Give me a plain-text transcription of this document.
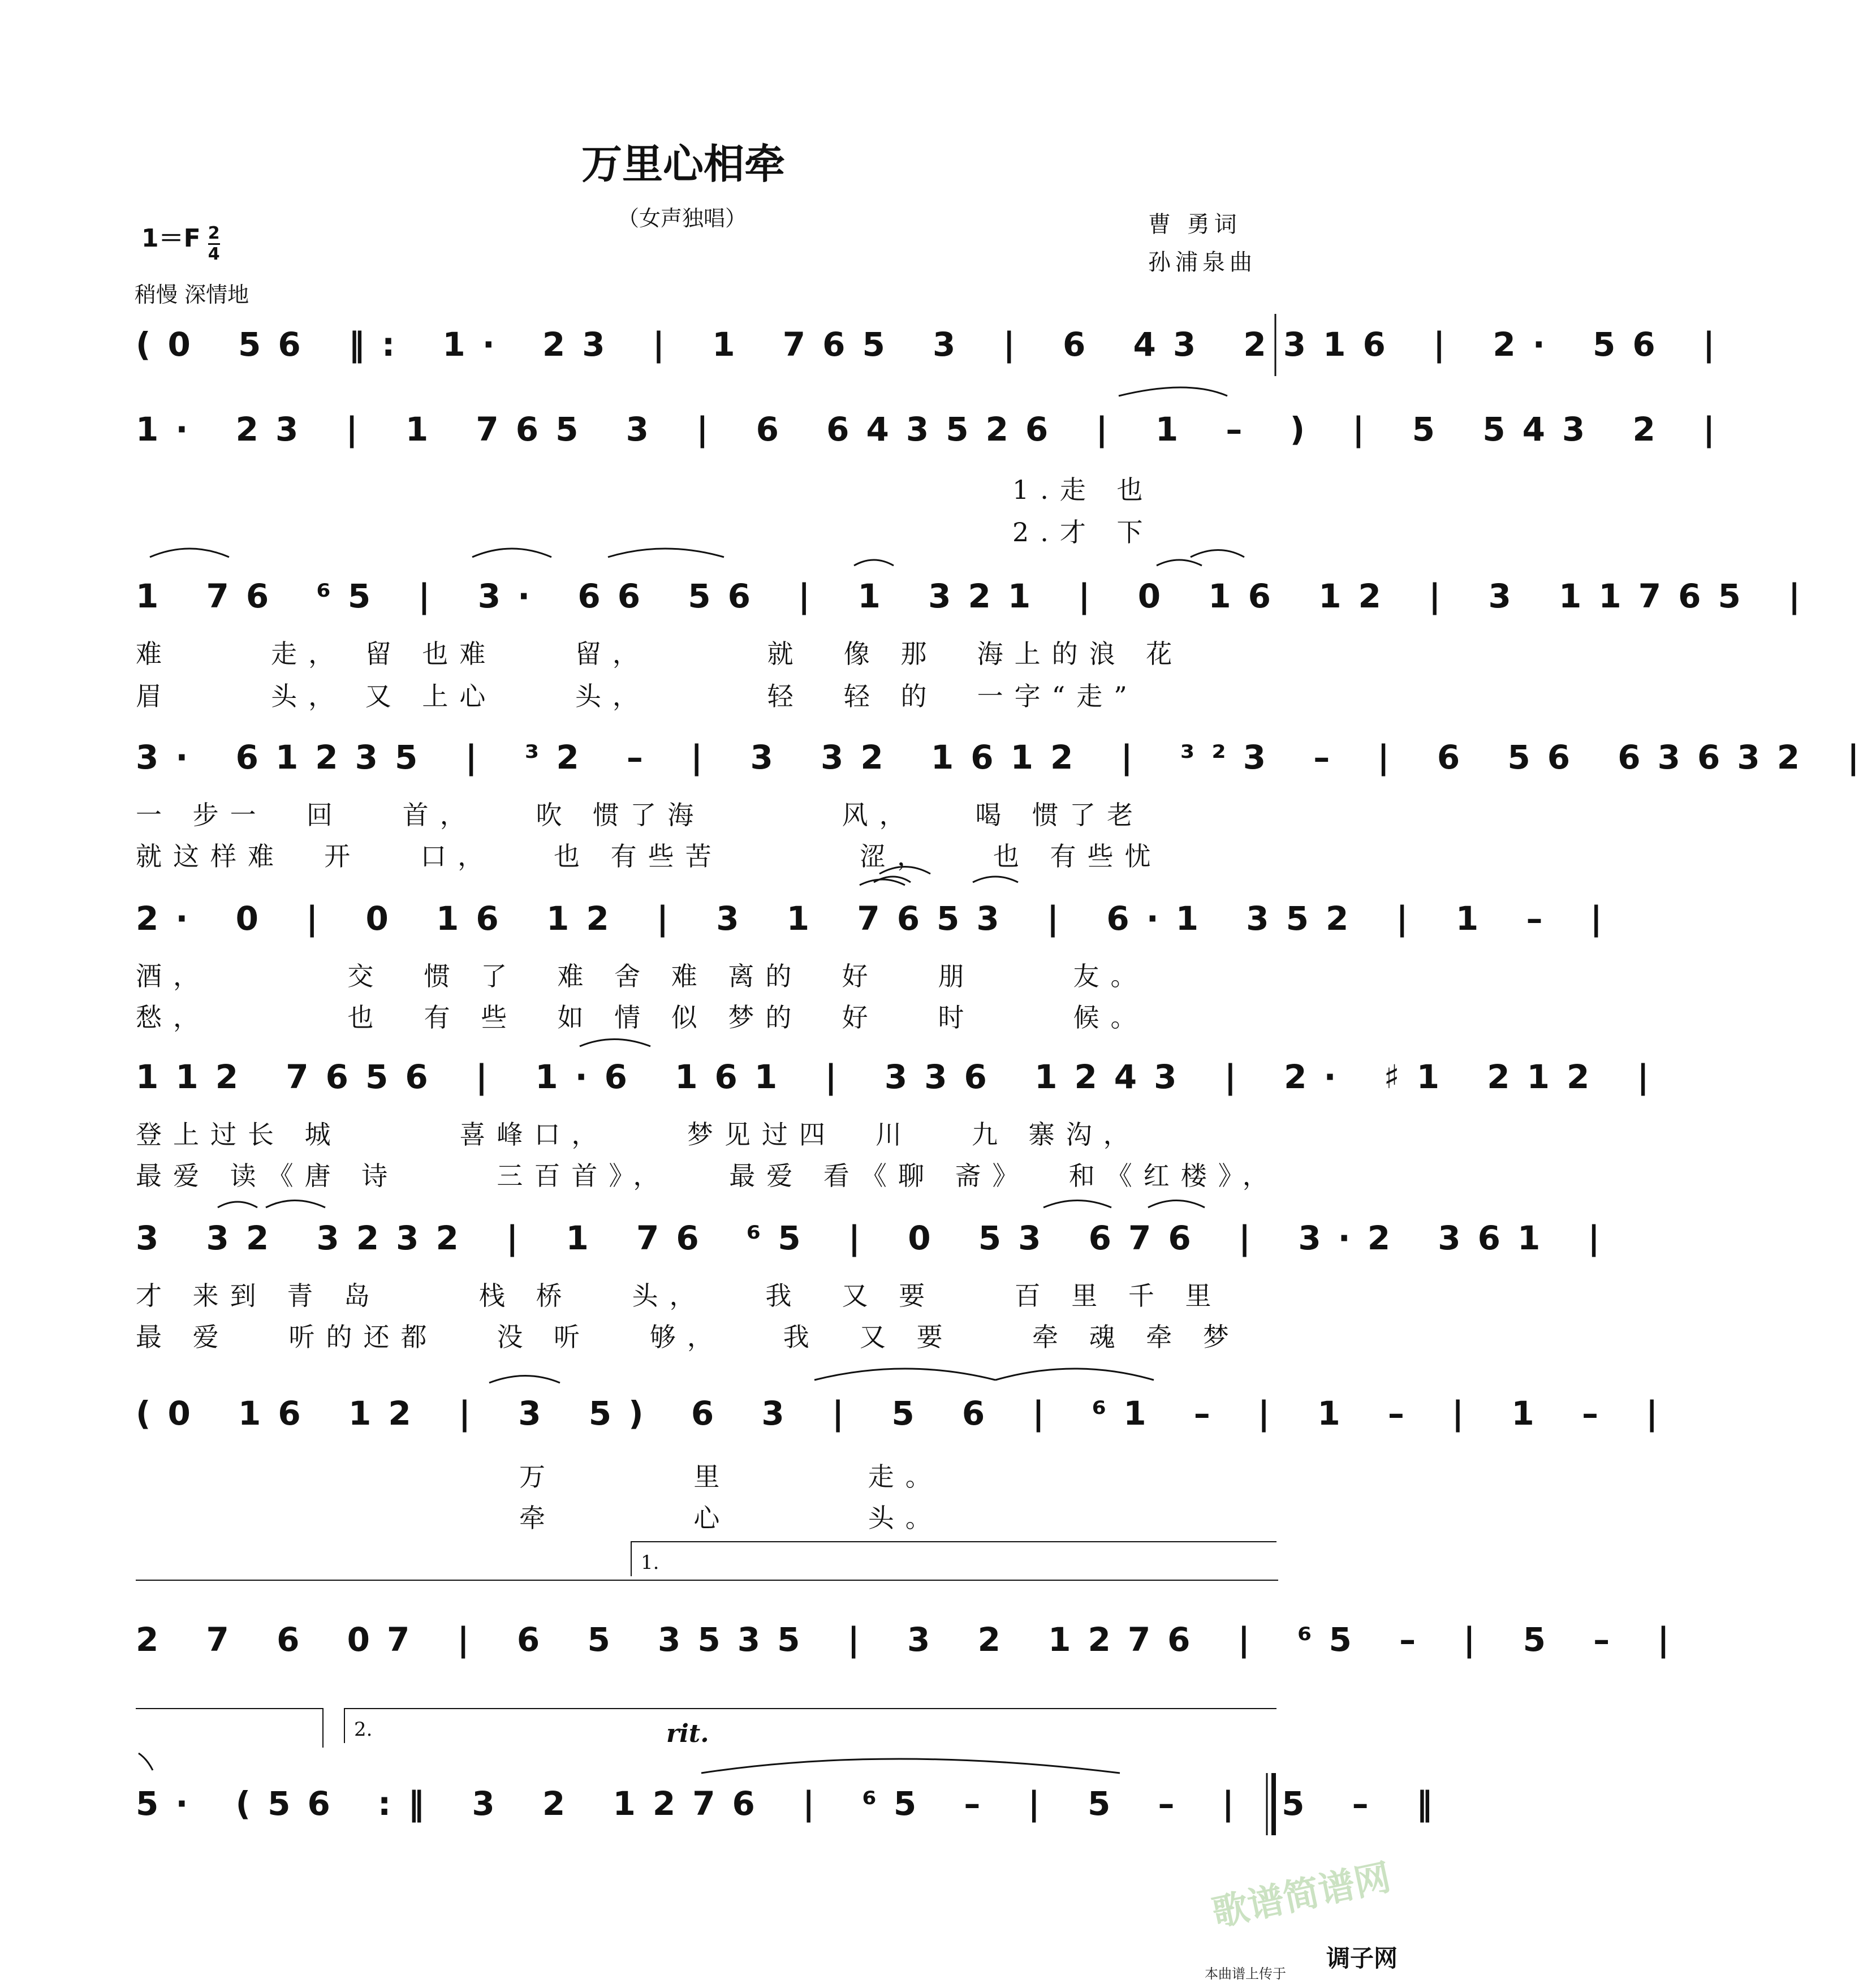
万里心相牵
（女声独唱）	曹 勇词
孙浦泉曲
$1=F \frac{2}{4}$
稍慢 深情地
(0 56 ‖: 1· 23 | 1 765 3 | 6 43 2316 | 2· 56 |
1· 23 | 1 765 3 | 6 643526 | 1 – ) | 5 543 2 |
1.走 也
2.才 下
1 76 ⁶5 | 3· 66 56 | 1 321 | 0 16 12 | 3 11765 |
难     走， 留 也难    留，      就  像 那  海上的浪 花
眉     头， 又 上心    头，      轻  轻 的  一字“走”
3· 61235 | ³2 – | 3 32 1612 | ³²3 – | 6 56 63632 |
一 步一  回   首，   吹 惯了海       风，   喝 惯了老
就这样难  开   口，   也 有些苦       涩，   也 有些忧
2· 0 | 0 16 12 | 3 1 7653 | 6·1 352 | 1 – |
酒，       交  惯 了  难 舍 难 离的  好   朋     友。
愁，       也  有 些  如 情 似 梦的  好   时     候。
112 7656 | 1·6 161 | 336 1243 | 2· ♯1 212 |
登上过长 城      喜峰口，    梦见过四  川   九 寨沟，
最爱 读《唐 诗     三百首》，   最爱 看《聊 斋》  和《红楼》，
3 32 3232 | 1 76 ⁶5 | 0 53 676 | 3·2 361 |
才 来到 青 岛     栈 桥   头，   我  又 要    百 里 千 里
最 爱   听的还都   没 听   够，   我  又 要    牵 魂 牵 梦
(0 16 12 | 3 5) 6 3 | 5 6 | ⁶1 – | 1 – | 1 – |
万       里       走。
牵       心       头。
1.
2 7 6 07 | 6 5 3535 | 3 2 1276 | ⁶5 – | 5 – |
2.	rit.
5· (56 :‖ 3 2 1276 | ⁶5 – | 5 – | 5 – ‖
歌谱简谱网
调子网
本曲谱上传于
